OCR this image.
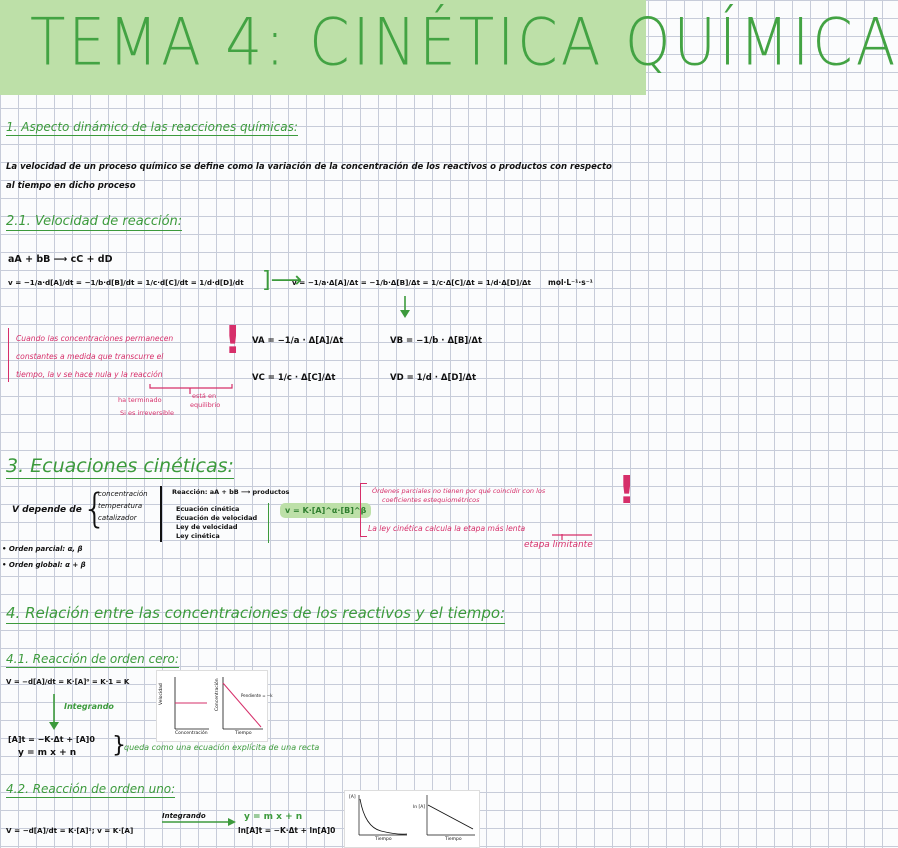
TEMA 4: CINÉTICA QUÍMICA
1. Aspecto dinámico de las reacciones químicas:
La velocidad de un proceso químico se define como la variación de la concentración de los reactivos o productos con respecto
al tiempo en dicho proceso
2.1. Velocidad de reacción:
aA + bB ⟶ cC + dD
v = −1/a·d[A]/dt = −1/b·d[B]/dt = 1/c·d[C]/dt = 1/d·d[D]/dt ]⟶
v = −1/a·Δ[A]/Δt = −1/b·Δ[B]/Δt = 1/c·Δ[C]/Δt = 1/d·Δ[D]/Δt mol·L⁻¹·s⁻¹
Cuando las concentraciones permanecen
constantes a medida que transcurre el
tiempo, la v se hace nula y la reacción
!
ha terminado
Si es irreversible
está en
equilibrio
VA = −1/a · Δ[A]/Δt	VB = −1/b · Δ[B]/Δt
VC = 1/c · Δ[C]/Δt	VD = 1/d · Δ[D]/Δt
3. Ecuaciones cinéticas:
V depende de {
concentración
temperatura
catalizador
Reacción: aA + bB ⟶ productos
Ecuación cinética
Ecuación de velocidad
Ley de velocidad
Ley cinética
v = K·[A]^α·[B]^β
• Orden parcial: α, β
• Orden global: α + β
Órdenes parciales no tienen por qué coincidir con los
coeficientes estequiométricos
La ley cinética calcula la etapa más lenta
!
etapa limitante
4. Relación entre las concentraciones de los reactivos y el tiempo:
4.1. Reacción de orden cero:
V = −d[A]/dt = K·[A]⁰ = K·1 = K
Integrando
[A]t = −K·Δt + [A]0
y = m x + n }
queda como una ecuación explícita de una recta
Velocidad
Concentración
Concentración
Tiempo
Pendiente = −k
4.2. Reacción de orden uno:
V = −d[A]/dt = K·[A]¹; v = K·[A]
Integrando	y = m x + n
ln[A]t = −K·Δt + ln[A]0
[A]
Tiempo
ln [A]
Tiempo
